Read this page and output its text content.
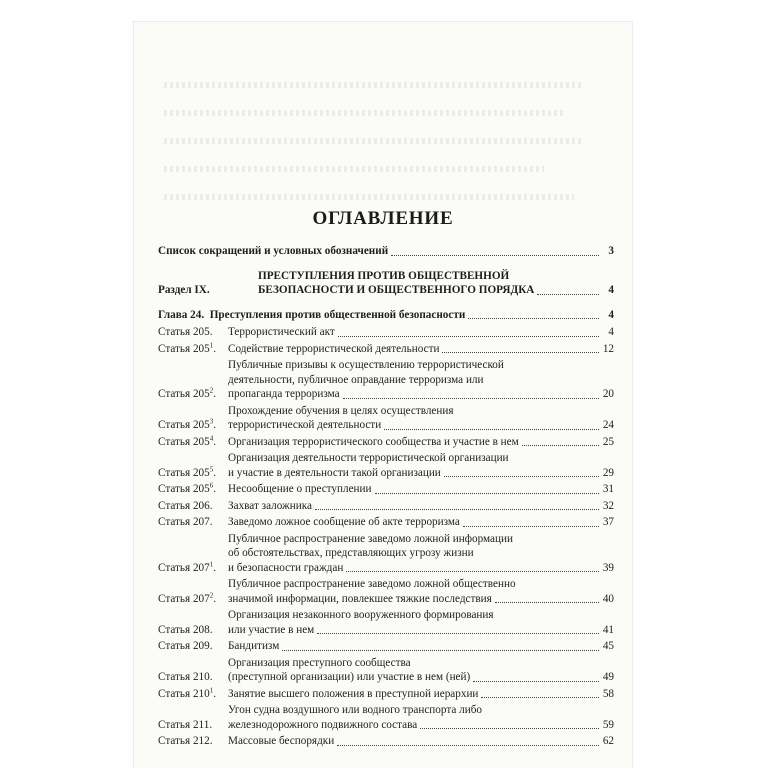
ОГЛАВЛЕНИЕ
Список сокращений и условных обозначений	3
Раздел IX.
ПРЕСТУПЛЕНИЯ ПРОТИВ ОБЩЕСТВЕННОЙ
БЕЗОПАСНОСТИ И ОБЩЕСТВЕННОГО ПОРЯДКА	4
Глава 24.  Преступления против общественной безопасности	4
Статья 205.	Террористический акт	4
Статья $205^1$.	Содействие террористической деятельности	12
Статья $205^2$.
Публичные призывы к осуществлению террористической
деятельности, публичное оправдание терроризма или
пропаганда терроризма	20
Статья $205^3$.
Прохождение обучения в целях осуществления
террористической деятельности	24
Статья $205^4$.	Организация террористического сообщества и участие в нем	25
Статья $205^5$.
Организация деятельности террористической организации
и участие в деятельности такой организации	29
Статья $205^6$.	Несообщение о преступлении	31
Статья 206.	Захват заложника	32
Статья 207.	Заведомо ложное сообщение об акте терроризма	37
Статья $207^1$.
Публичное распространение заведомо ложной информации
об обстоятельствах, представляющих угрозу жизни
и безопасности граждан	39
Статья $207^2$.
Публичное распространение заведомо ложной общественно
значимой информации, повлекшее тяжкие последствия	40
Статья 208.
Организация незаконного вооруженного формирования
или участие в нем	41
Статья 209.	Бандитизм	45
Статья 210.
Организация преступного сообщества
(преступной организации) или участие в нем (ней)	49
Статья $210^1$.	Занятие высшего положения в преступной иерархии	58
Статья 211.
Угон судна воздушного или водного транспорта либо
железнодорожного подвижного состава	59
Статья 212.	Массовые беспорядки	62
